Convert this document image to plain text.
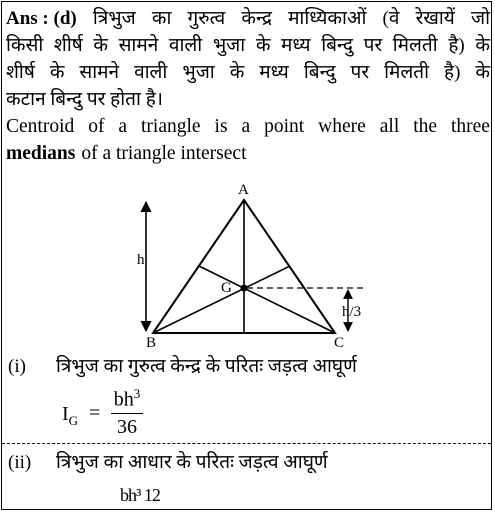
Ans : (d) त्रिभुज का गुरुत्व केन्द्र माध्यिकाओं (वे रेखायें जो
किसी शीर्ष के सामने वाली भुजा के मध्य बिन्दु पर मिलती है) के
शीर्ष के सामने वाली भुजा के मध्य बिन्दु पर मिलती है) के
कटान बिन्दु पर होता है।
Centroid of a triangle is a point where all the three
medians of a triangle intersect
A
B	C
G
h
h/3
(i) त्रिभुज का गुरुत्व केन्द्र के परितः जड़त्व आघूर्ण
$I_G$ =
$bh^3$
36
(ii) त्रिभुज का आधार के परितः जड़त्व आघूर्ण
bh³ 12
